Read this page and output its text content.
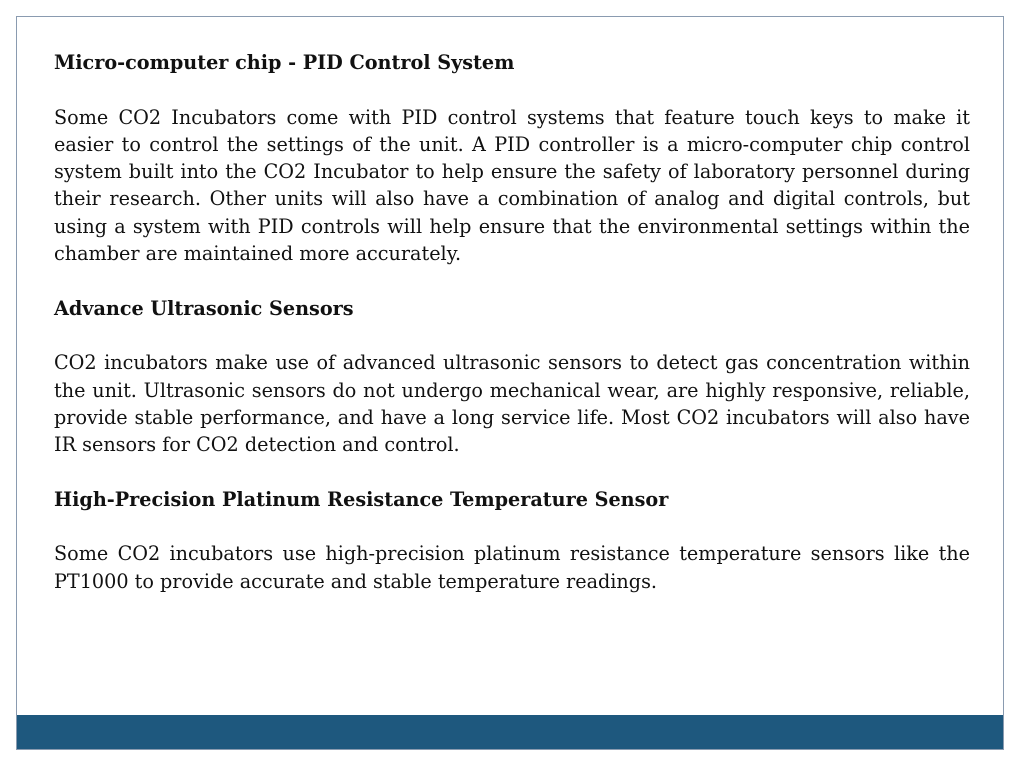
Micro-computer chip - PID Control System

Some CO2 Incubators come with PID control systems that feature touch keys to make it easier to control the settings of the unit. A PID controller is a micro-computer chip control system built into the CO2 Incubator to help ensure the safety of laboratory personnel during their research. Other units will also have a combination of analog and digital controls, but using a system with PID controls will help ensure that the environmental settings within the chamber are maintained more accurately.

Advance Ultrasonic Sensors

CO2 incubators make use of advanced ultrasonic sensors to detect gas concentration within the unit. Ultrasonic sensors do not undergo mechanical wear, are highly responsive, reliable, provide stable performance, and have a long service life. Most CO2 incubators will also have IR sensors for CO2 detection and control.

High-Precision Platinum Resistance Temperature Sensor

Some CO2 incubators use high-precision platinum resistance temperature sensors like the PT1000 to provide accurate and stable temperature readings.
